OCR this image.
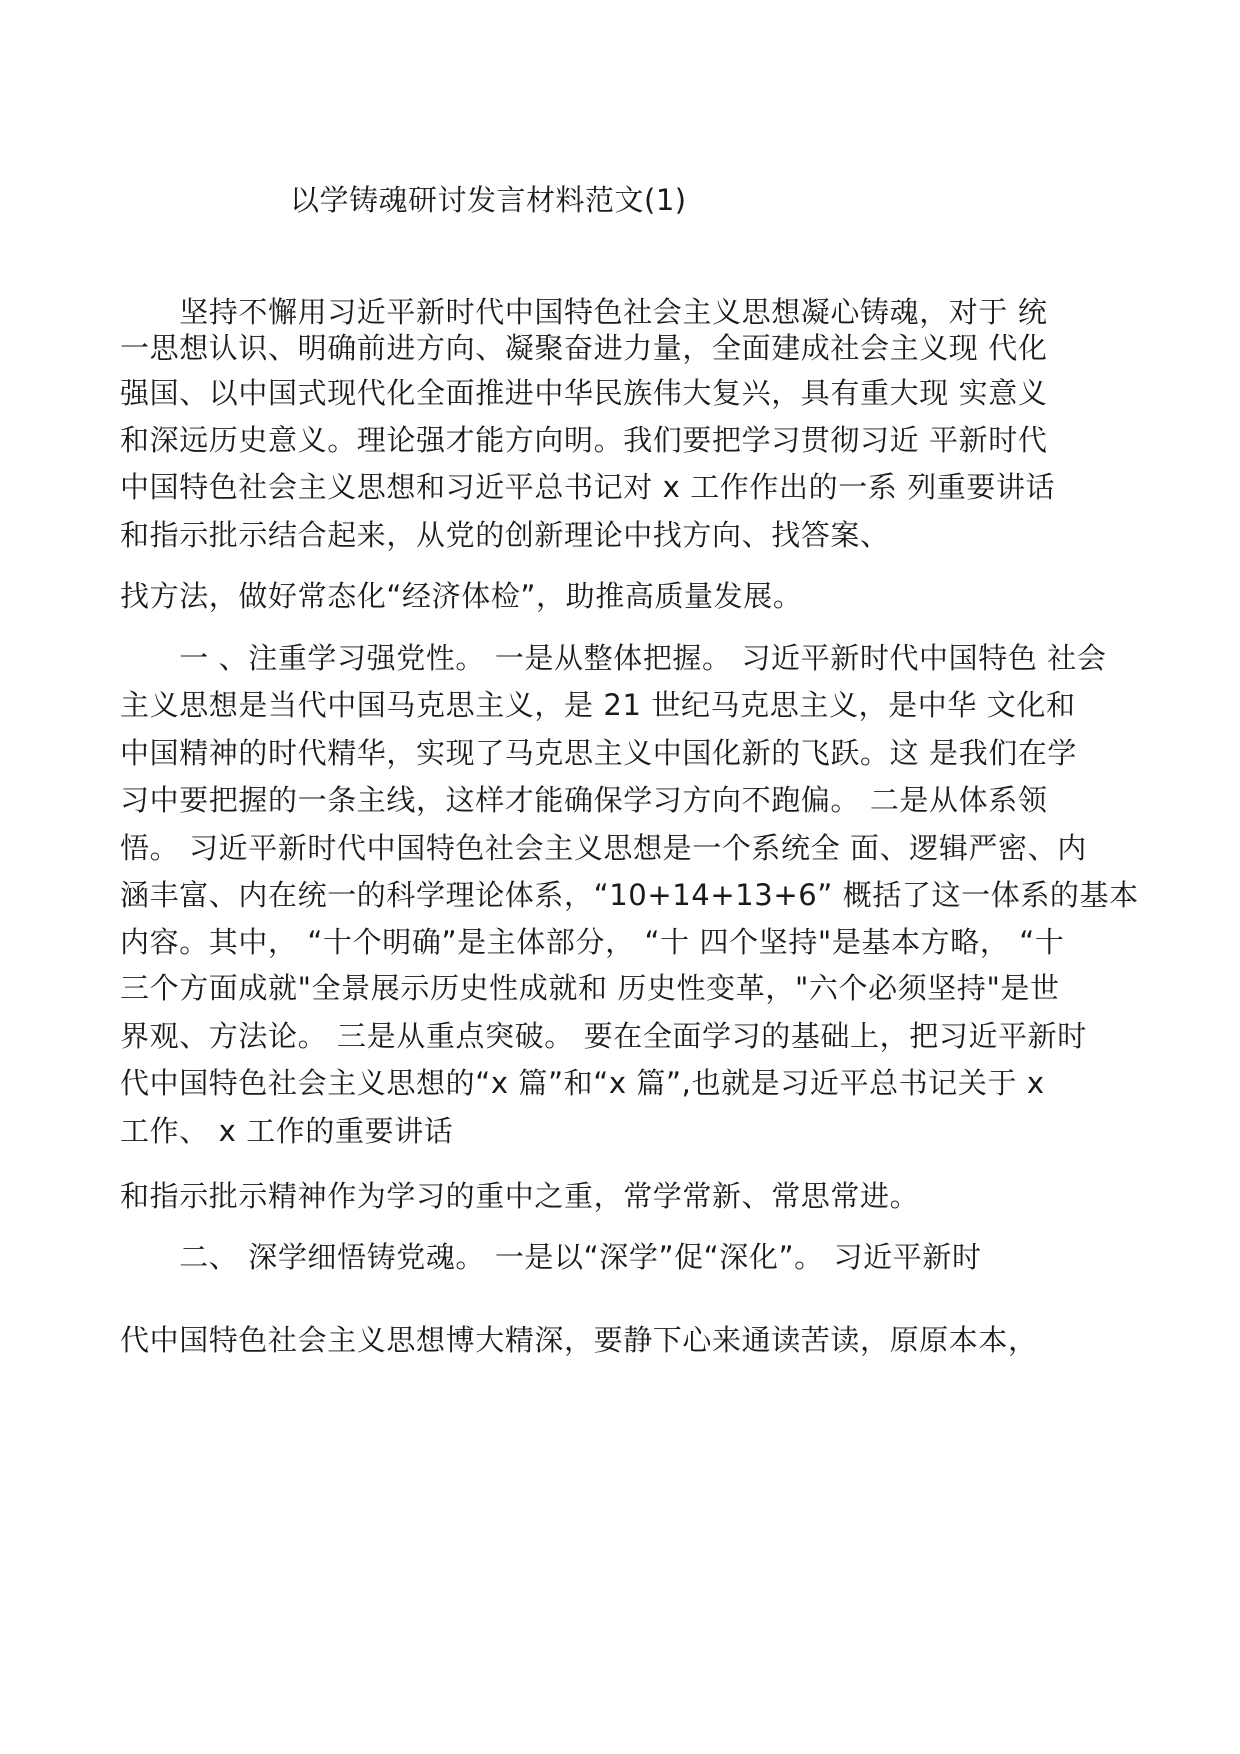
以学铸魂研讨发言材料范文(1)
　　坚持不懈用习近平新时代中国特色社会主义思想凝心铸魂，对于 统
一思想认识、明确前进方向、凝聚奋进力量，全面建成社会主义现 代化
强国、以中国式现代化全面推进中华民族伟大复兴，具有重大现 实意义
和深远历史意义。理论强才能方向明。我们要把学习贯彻习近 平新时代
中国特色社会主义思想和习近平总书记对 x 工作作出的一系 列重要讲话
和指示批示结合起来，从党的创新理论中找方向、找答案、
找方法，做好常态化“经济体检”，助推高质量发展。
　　一 、注重学习强党性。 一是从整体把握。 习近平新时代中国特色 社会
主义思想是当代中国马克思主义，是 21 世纪马克思主义，是中华 文化和
中国精神的时代精华，实现了马克思主义中国化新的飞跃。这 是我们在学
习中要把握的一条主线，这样才能确保学习方向不跑偏。 二是从体系领
悟。 习近平新时代中国特色社会主义思想是一个系统全 面、逻辑严密、内
涵丰富、内在统一的科学理论体系，“10+14+13+6” 概括了这一体系的基本
内容。其中， “十个明确”是主体部分， “十 四个坚持"是基本方略， “十
三个方面成就"全景展示历史性成就和 历史性变革，"六个必须坚持"是世
界观、方法论。 三是从重点突破。 要在全面学习的基础上，把习近平新时
代中国特色社会主义思想的“x 篇”和“x 篇”,也就是习近平总书记关于 x
工作、 x 工作的重要讲话
和指示批示精神作为学习的重中之重，常学常新、常思常进。
　　二、 深学细悟铸党魂。 一是以“深学”促“深化”。 习近平新时
代中国特色社会主义思想博大精深，要静下心来通读苦读，原原本本，
